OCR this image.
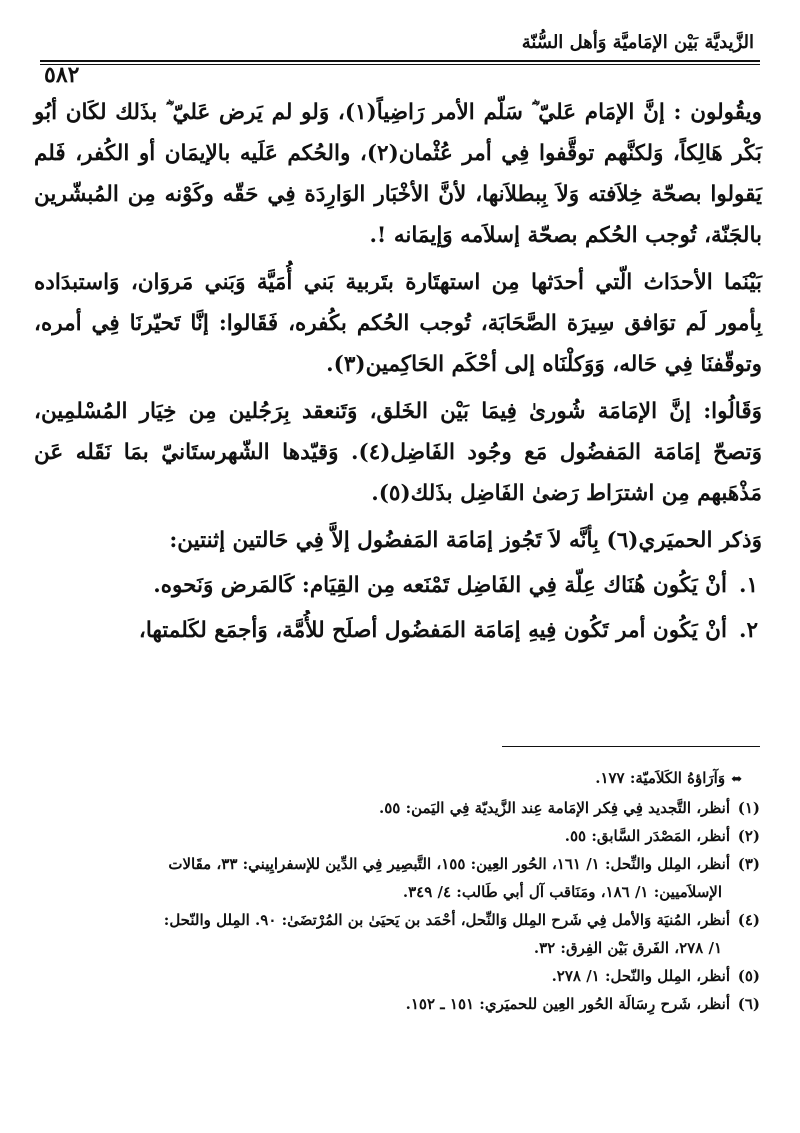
الزَّيديَّة بَيْن الإمَاميَّة وَأهل السُّنّة
٥٨٢

ويقُولون : إنَّ الإمَام عَليّ ؓ سَلّم الأمر رَاضِياً(١)، وَلو لم يَرض عَليّ ؓ بذَلك لكَان أبُو بَكْر هَالِكاً، وَلكنَّهم توقَّفوا فِي أمر عُثْمان(٢)، والحُكم عَلَيه بالإيمَان أو الكُفر، فَلم يَقولوا بصحّة خِلاَفته وَلاَ بِبطلاَنها، لأنَّ الأخْبَار الوَارِدَة فِي حَقّه وكَوْنه مِن المُبشّرين بالجَنّة، تُوجب الحُكم بصحّة إسلاَمه وَإيمَانه !.

بَيْنَما الأحدَاث الّتي أحدَثها مِن استهتَارة بتَربية بَني أُمَيَّة وَبَني مَروَان، وَاستبدَاده بِأمور لَم توَافق سِيرَة الصَّحَابَة، تُوجب الحُكم بكُفره، فَقَالوا: إنَّا تَحيّرنَا فِي أمره، وتوقّفنَا فِي حَاله، وَوَكلْنَاه إلى أحْكَم الحَاكِمين(٣).

وَقَالُوا: إنَّ الإمَامَة شُورىٰ فِيمَا بَيْن الخَلق، وَتَنعقد بِرَجُلين مِن خِيَار المُسْلمِين، وَتصحّ إمَامَة المَفضُول مَع وجُود الفَاضِل(٤). وَقيّدها الشّهرستَانيّ بمَا نَقَله عَن مَذْهَبهم مِن اشترَاط رَضىٰ الفَاضِل بذَلك(٥).

وَذكر الحميَري(٦) بِأنَّه لاَ تَجُوز إمَامَة المَفضُول إلاَّ فِي حَالتين إثنتين:

١.أنْ يَكُون هُنَاك عِلّة فِي الفَاضِل تَمْنَعه مِن القِيَام: كَالمَرض وَنَحوه.
٢.أنْ يَكُون أمر تَكُون فِيهِ إمَامَة المَفضُول أصلَح للأُمَّة، وَأجمَع لكَلمتها،

⬌وَآرَاؤهُ الكَلاَميّة: ١٧٧.

(١)أنظر، التَّجديد فِي فِكر الإمَامة عِند الزَّيديّة فِي اليَمن: ٥٥.

(٢)أنظر، المَصْدَر السَّابق: ٥٥.

(٣)أنظر، المِلل والنِّحل: ١/ ١٦١، الحُور العِين: ١٥٥، التَّبصِير فِي الدِّين للإسفرايِيني: ٣٣، مقَالات
الإسلاَميين: ١/ ١٨٦، ومَنَاقب آل أبي طَالب: ٤/ ٣٤٩.

(٤)أنظر، المُنيَة وَالأمل فِي شَرح المِلل وَالنِّحل، أحْمَد بن يَحيَىٰ بن المُرْتضَىٰ: ٩٠. المِلل والنّحل:
١/ ٢٧٨، الفَرق بَيْن الفِرق: ٣٢.

(٥)أنظر، المِلل والنّحل: ١/ ٢٧٨.

(٦)أنظر، شَرح رِسَالَة الحُور العِين للحميَري: ١٥١ ـ ١٥٢.
